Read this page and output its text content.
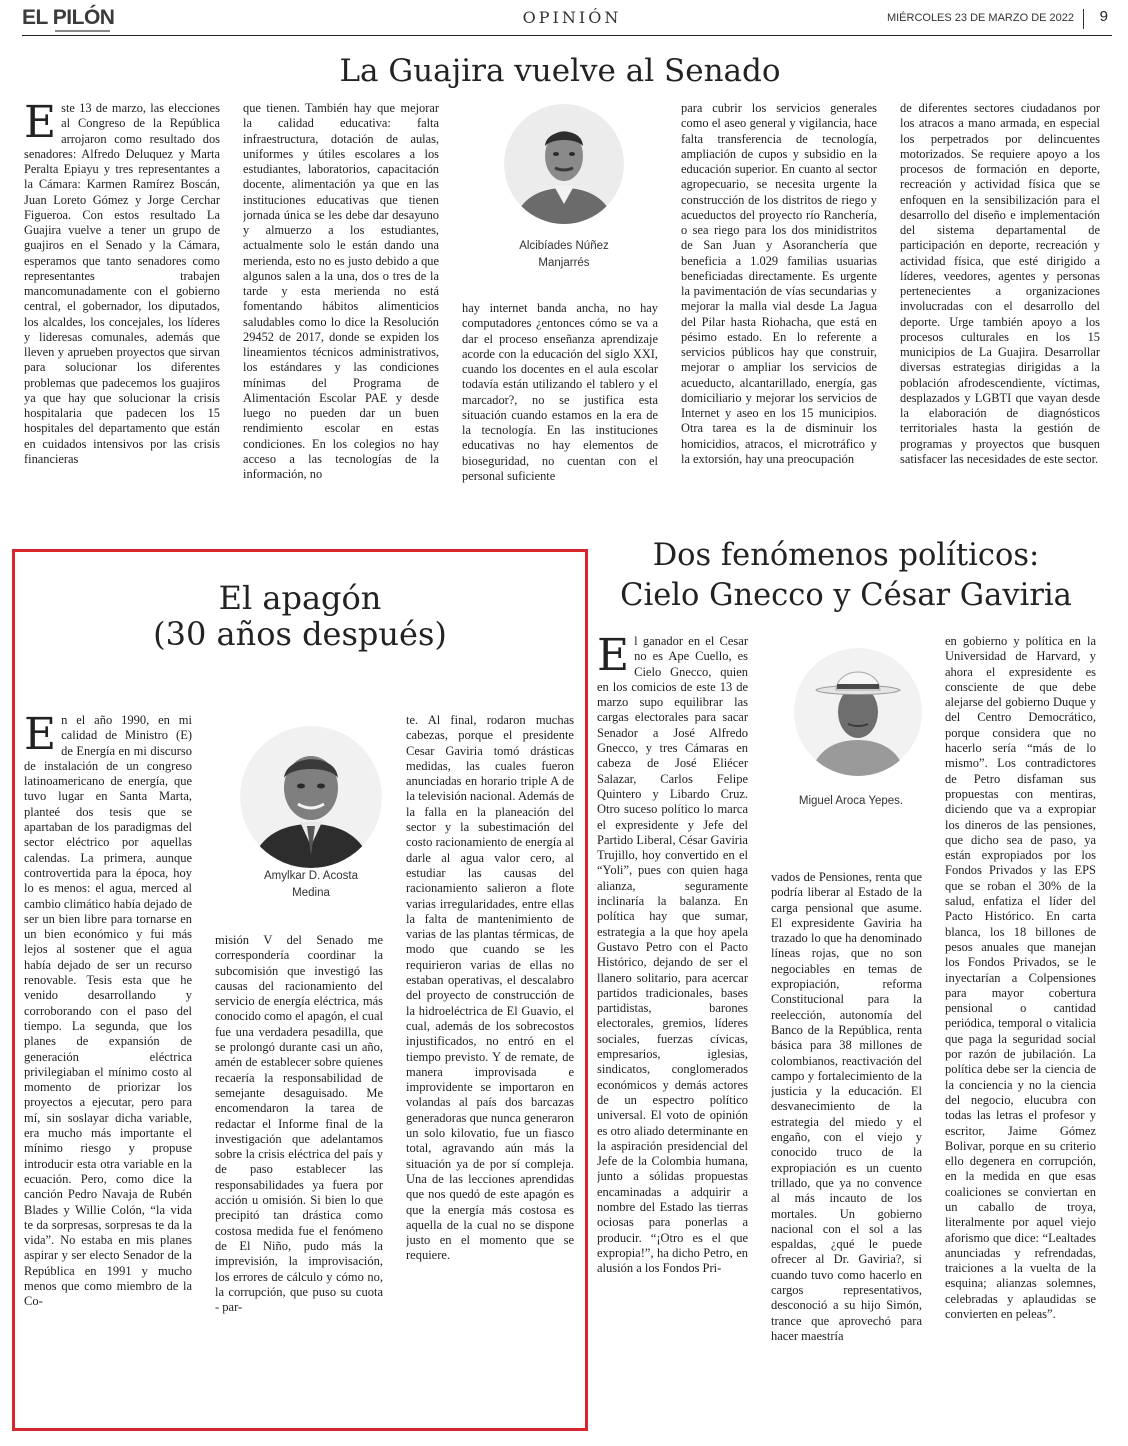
EL PILÓN	OPINIÓN	MIÉRCOLES 23 DE MARZO DE 2022 9
La Guajira vuelve al Senado

Este 13 de marzo, las elecciones al Congreso de la República arrojaron como resultado dos senadores: Alfredo Deluquez y Marta Peralta Epiayu y tres representantes a la Cámara: Karmen Ramírez Boscán, Juan Loreto Gómez y Jorge Cerchar Figueroa. Con estos resultado La Guajira vuelve a tener un grupo de guajiros en el Senado y la Cámara, esperamos que tanto senadores como representantes trabajen mancomunadamente con el gobierno central, el gobernador, los diputados, los alcaldes, los concejales, los líderes y lideresas comunales, además que lleven y aprueben proyectos que sirvan para solucionar los diferentes problemas que padecemos los guajiros ya que hay que solucionar la crisis hospitalaria que padecen los 15 hospitales del departamento que están en cuidados intensivos por las crisis financieras

que tienen. También hay que mejorar la calidad educativa: falta infraestructura, dotación de aulas, uniformes y útiles escolares a los estudiantes, laboratorios, capacitación docente, alimentación ya que en las instituciones educativas que tienen jornada única se les debe dar desayuno y almuerzo a los estudiantes, actualmente solo le están dando una merienda, esto no es justo debido a que algunos salen a la una, dos o tres de la tarde y esta merienda no está fomentando hábitos alimenticios saludables como lo dice la Resolución 29452 de 2017, donde se expiden los lineamientos técnicos administrativos, los estándares y las condiciones mínimas del Programa de Alimentación Escolar PAE y desde luego no pueden dar un buen rendimiento escolar en estas condiciones. En los colegios no hay acceso a las tecnologías de la información, no

Alcibíades Núñez
Manjarrés

hay internet banda ancha, no hay computadores ¿entonces cómo se va a dar el proceso enseñanza aprendizaje acorde con la educación del siglo XXI, cuando los docentes en el aula escolar todavía están utilizando el tablero y el marcador?, no se justifica esta situación cuando estamos en la era de la tecnología. En las instituciones educativas no hay elementos de bioseguridad, no cuentan con el personal suficiente

para cubrir los servicios generales como el aseo general y vigilancia, hace falta transferencia de tecnología, ampliación de cupos y subsidio en la educación superior. En cuanto al sector agropecuario, se necesita urgente la construcción de los distritos de riego y acueductos del proyecto río Ranchería, o sea riego para los dos minidistritos de San Juan y Asoranchería que beneficia a 1.029 familias usuarias beneficiadas directamente. Es urgente la pavimentación de vías secundarias y mejorar la malla vial desde La Jagua del Pilar hasta Riohacha, que está en pésimo estado. En lo referente a servicios públicos hay que construir, mejorar o ampliar los servicios de acueducto, alcantarillado, energía, gas domiciliario y mejorar los servicios de Internet y aseo en los 15 municipios. Otra tarea es la de disminuir los homicidios, atracos, el microtráfico y la extorsión, hay una preocupación

de diferentes sectores ciudadanos por los atracos a mano armada, en especial los perpetrados por delincuentes motorizados. Se requiere apoyo a los procesos de formación en deporte, recreación y actividad física que se enfoquen en la sensibilización para el desarrollo del diseño e implementación del sistema departamental de participación en deporte, recreación y actividad física, que esté dirigido a líderes, veedores, agentes y personas pertenecientes a organizaciones involucradas con el desarrollo del deporte. Urge también apoyo a los procesos culturales en los 15 municipios de La Guajira. Desarrollar diversas estrategias dirigidas a la población afrodescendiente, víctimas, desplazados y LGBTI que vayan desde la elaboración de diagnósticos territoriales hasta la gestión de programas y proyectos que busquen satisfacer las necesidades de este sector.

El apagón
(30 años después)

En el año 1990, en mi calidad de Ministro (E) de Energía en mi discurso de instalación de un congreso latinoamericano de energía, que tuvo lugar en Santa Marta, planteé dos tesis que se apartaban de los paradigmas del sector eléctrico por aquellas calendas. La primera, aunque controvertida para la época, hoy lo es menos: el agua, merced al cambio climático había dejado de ser un bien libre para tornarse en un bien económico y fui más lejos al sostener que el agua había dejado de ser un recurso renovable. Tesis esta que he venido desarrollando y corroborando con el paso del tiempo. La segunda, que los planes de expansión de generación eléctrica privilegiaban el mínimo costo al momento de priorizar los proyectos a ejecutar, pero para mí, sin soslayar dicha variable, era mucho más importante el mínimo riesgo y propuse introducir esta otra variable en la ecuación. Pero, como dice la canción Pedro Navaja de Rubén Blades y Willie Colón, “la vida te da sorpresas, sorpresas te da la vida”. No estaba en mis planes aspirar y ser electo Senador de la República en 1991 y mucho menos que como miembro de la Co-

Amylkar D. Acosta
Medina

misión V del Senado me correspondería coordinar la subcomisión que investigó las causas del racionamiento del servicio de energía eléctrica, más conocido como el apagón, el cual fue una verdadera pesadilla, que se prolongó durante casi un año, amén de establecer sobre quienes recaería la responsabilidad de semejante desaguisado. Me encomendaron la tarea de redactar el Informe final de la investigación que adelantamos sobre la crisis eléctrica del país y de paso establecer las responsabilidades ya fuera por acción u omisión. Si bien lo que precipitó tan drástica como costosa medida fue el fenómeno de El Niño, pudo más la imprevisión, la improvisación, los errores de cálculo y cómo no, la corrupción, que puso su cuota - par-

te. Al final, rodaron muchas cabezas, porque el presidente Cesar Gaviria tomó drásticas medidas, las cuales fueron anunciadas en horario triple A de la televisión nacional. Además de la falla en la planeación del sector y la subestimación del costo racionamiento de energía al darle al agua valor cero, al estudiar las causas del racionamiento salieron a flote varias irregularidades, entre ellas la falta de mantenimiento de varias de las plantas térmicas, de modo que cuando se les requirieron varias de ellas no estaban operativas, el descalabro del proyecto de construcción de la hidroeléctrica de El Guavio, el cual, además de los sobrecostos injustificados, no entró en el tiempo previsto. Y de remate, de manera improvisada e improvidente se importaron en volandas al país dos barcazas generadoras que nunca generaron un solo kilovatio, fue un fiasco total, agravando aún más la situación ya de por sí compleja. Una de las lecciones aprendidas que nos quedó de este apagón es que la energía más costosa es aquella de la cual no se dispone justo en el momento que se requiere.

Dos fenómenos políticos:
Cielo Gnecco y César Gaviria

El ganador en el Cesar no es Ape Cuello, es Cielo Gnecco, quien en los comicios de este 13 de marzo supo equilibrar las cargas electorales para sacar Senador a José Alfredo Gnecco, y tres Cámaras en cabeza de José Eliécer Salazar, Carlos Felipe Quintero y Libardo Cruz. Otro suceso político lo marca el expresidente y Jefe del Partido Liberal, César Gaviria Trujillo, hoy convertido en el “Yoli”, pues con quien haga alianza, seguramente inclinaría la balanza. En política hay que sumar, estrategia a la que hoy apela Gustavo Petro con el Pacto Histórico, dejando de ser el llanero solitario, para acercar partidos tradicionales, bases partidistas, barones electorales, gremios, líderes sociales, fuerzas cívicas, empresarios, iglesias, sindicatos, conglomerados económicos y demás actores de un espectro político universal. El voto de opinión es otro aliado determinante en la aspiración presidencial del Jefe de la Colombia humana, junto a sólidas propuestas encaminadas a adquirir a nombre del Estado las tierras ociosas para ponerlas a producir. “¡Otro es el que expropia!”, ha dicho Petro, en alusión a los Fondos Pri-

Miguel Aroca Yepes.

vados de Pensiones, renta que podría liberar al Estado de la carga pensional que asume. El expresidente Gaviria ha trazado lo que ha denominado líneas rojas, que no son negociables en temas de expropiación, reforma Constitucional para la reelección, autonomía del Banco de la República, renta básica para 38 millones de colombianos, reactivación del campo y fortalecimiento de la justicia y la educación. El desvanecimiento de la estrategia del miedo y el engaño, con el viejo y conocido truco de la expropiación es un cuento trillado, que ya no convence al más incauto de los mortales. Un gobierno nacional con el sol a las espaldas, ¿qué le puede ofrecer al Dr. Gaviria?, si cuando tuvo como hacerlo en cargos representativos, desconoció a su hijo Simón, trance que aprovechó para hacer maestría

en gobierno y política en la Universidad de Harvard, y ahora el expresidente es consciente de que debe alejarse del gobierno Duque y del Centro Democrático, porque considera que no hacerlo sería “más de lo mismo”. Los contradictores de Petro disfaman sus propuestas con mentiras, diciendo que va a expropiar los dineros de las pensiones, que dicho sea de paso, ya están expropiados por los Fondos Privados y las EPS que se roban el 30% de la salud, enfatiza el líder del Pacto Histórico. En carta blanca, los 18 billones de pesos anuales que manejan los Fondos Privados, se le inyectarían a Colpensiones para mayor cobertura pensional o cantidad periódica, temporal o vitalicia que paga la seguridad social por razón de jubilación. La política debe ser la ciencia de la conciencia y no la ciencia del negocio, elucubra con todas las letras el profesor y escritor, Jaime Gómez Bolivar, porque en su criterio ello degenera en corrupción, en la medida en que esas coaliciones se conviertan en un caballo de troya, literalmente por aquel viejo aforismo que dice: “Lealtades anunciadas y refrendadas, traiciones a la vuelta de la esquina; alianzas solemnes, celebradas y aplaudidas se convierten en peleas”.
